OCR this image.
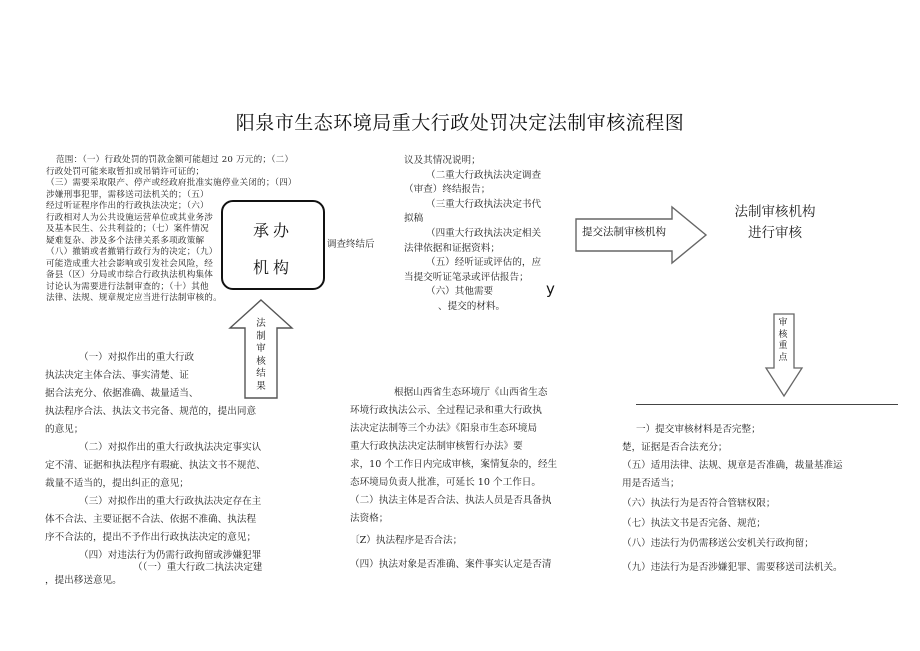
阳泉市生态环境局重大行政处罚决定法制审核流程图
范围：（一）行政处罚的罚款金额可能超过 20 万元的；（二）
行政处罚可能来取暂扣或吊销许可证的；
（三）需要采取限产、停产或经政府批准实施停业关闭的；（四）
涉嫌刑事犯罪，需移送司法机关的；（五）
经过听证程序作出的行政执法决定；（六）
行政相对人为公共设施运营单位或其业务涉
及基本民生、公共利益的；（七）案件情况
疑难复杂、涉及多个法律关系多项政策解
（八）撤销或者撤销行政行为的决定；（九）
可能造成重大社会影响或引发社会风险，经
备县（区）分局或市综合行政执法机构集体
讨论认为需要进行法制审查的；（十）其他
法律、法规、规章规定应当进行法制审核的。
承办
机构
法制审核结果
调查终结后
议及其情况说明；
（二重大行政执法决定调查
（审查）终结报告；
（三重大行政执法决定书代
拟稿
（四重大行政执法决定相关
法律依据和证据资料；
（五）经听证或评估的，应
当提交听证笔录或评估报告；
（六）其他需要
、提交的材料。
y
提交法制审核机构
法制审核机构
进行审核
审核重点
（一）对拟作出的重大行政
执法决定主体合法、事实清楚、证
据合法充分、依据准确、裁量适当、
执法程序合法、执法文书完备、规范的，提出同意
的意见；
（二）对拟作出的重大行政执法决定事实认
定不清、证据和执法程序有瑕疵、执法文书不规范、
裁量不适当的，提出纠正的意见；
（三）对拟作出的重大行政执法决定存在主
体不合法、主要证据不合法、依据不准确、执法程
序不合法的，提出不予作出行政执法决定的意见；
（四）对违法行为仍需行政拘留或涉嫌犯罪
（（一）重大行政二执法决定建
，提出移送意见。
根据山西省生态环境厅《山西省生态
环境行政执法公示、全过程记录和重大行政执
法决定法制等三个办法》《阳泉市生态环境局
重大行政执法决定法制审核暂行办法》要
求，10 个工作日内完成审核，案情复杂的，经生
态环境局负责人批准，可延长 10 个工作日。
（二）执法主体是否合法、执法人员是否具备执
法资格；
〔Z）执法程序是否合法；
（四）执法对象是否准确、案件事实认定是否清
一）提交审核材料是否完整；
楚，证据是否合法充分；
（五）适用法律、法规、规章是否准确，裁量基准运
用是否适当；
（六）执法行为是否符合管辖权限；
（七）执法文书是否完备、规范；
（八）违法行为仍需移送公安机关行政拘留；
（九）违法行为是否涉嫌犯罪、需要移送司法机关。
